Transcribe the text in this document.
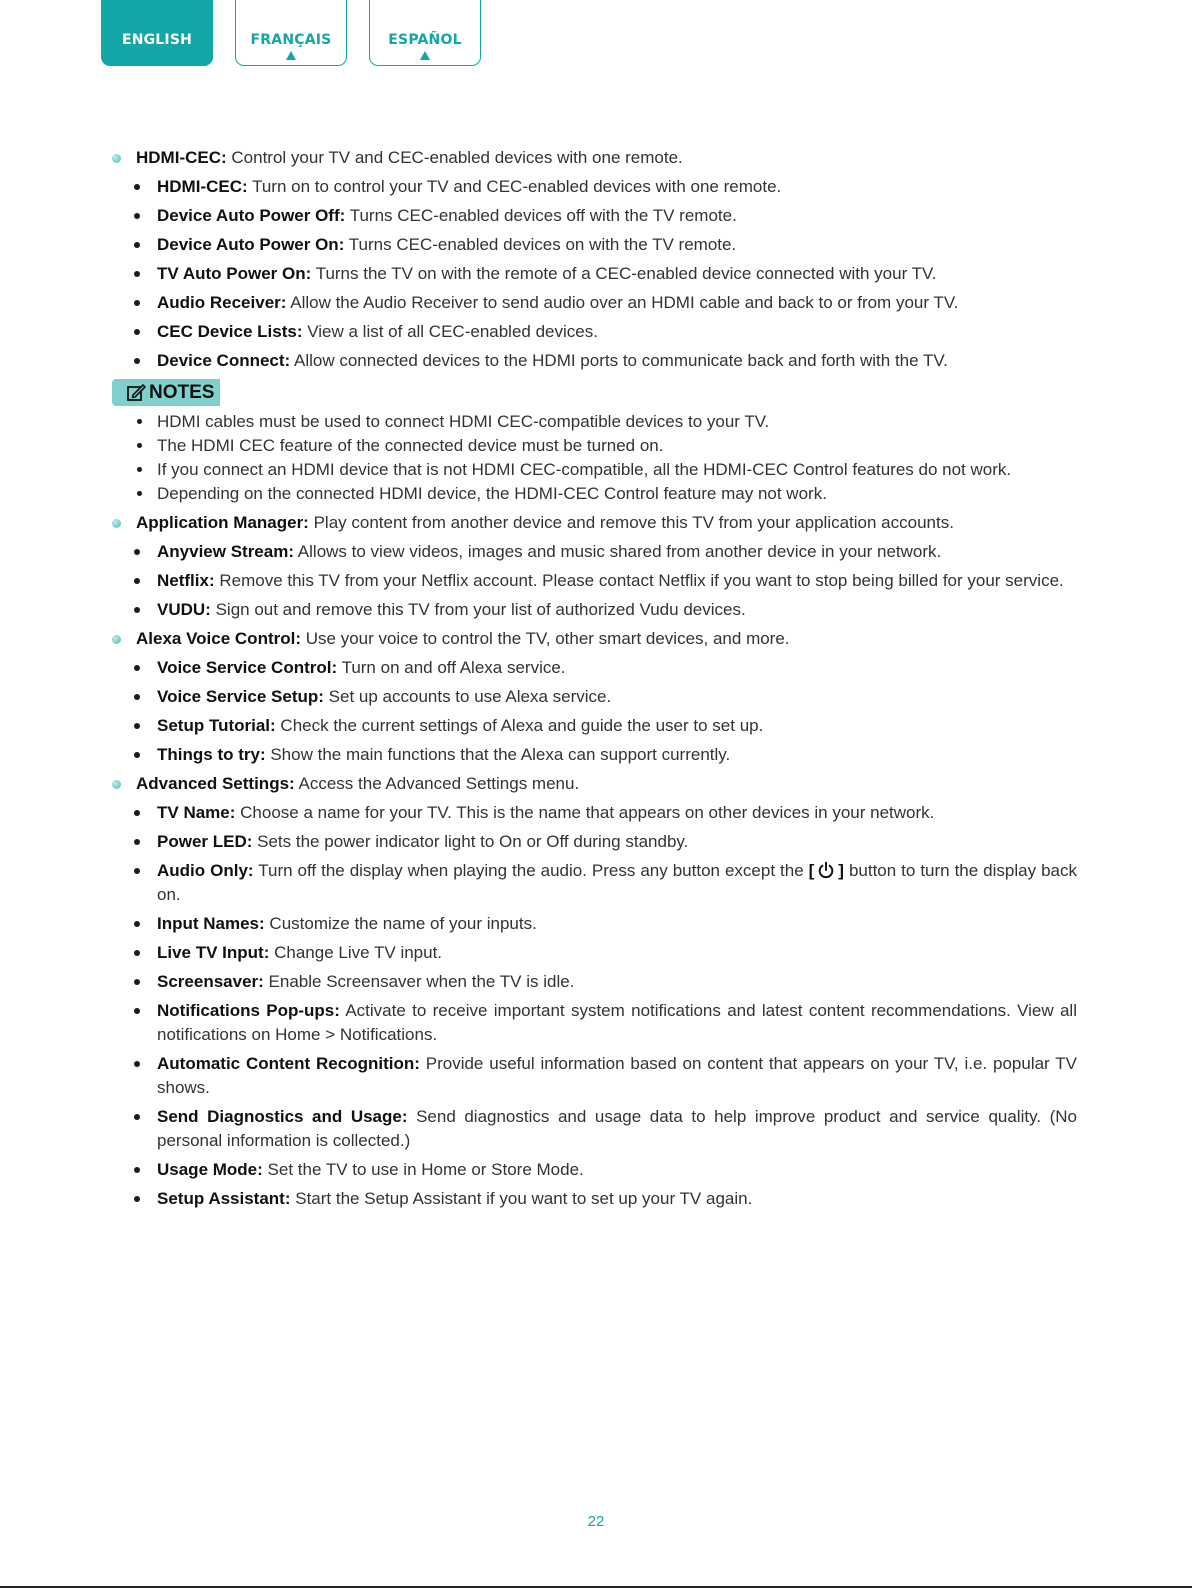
ENGLISH	FRANÇAIS	ESPAÑOL
HDMI-CEC: Control your TV and CEC-enabled devices with one remote.
HDMI-CEC: Turn on to control your TV and CEC-enabled devices with one remote.
Device Auto Power Off: Turns CEC-enabled devices off with the TV remote.
Device Auto Power On: Turns CEC-enabled devices on with the TV remote.
TV Auto Power On: Turns the TV on with the remote of a CEC-enabled device connected with your TV.
Audio Receiver: Allow the Audio Receiver to send audio over an HDMI cable and back to or from your TV.
CEC Device Lists: View a list of all CEC-enabled devices.
Device Connect: Allow connected devices to the HDMI ports to communicate back and forth with the TV.
NOTES
HDMI cables must be used to connect HDMI CEC-compatible devices to your TV.
The HDMI CEC feature of the connected device must be turned on.
If you connect an HDMI device that is not HDMI CEC-compatible, all the HDMI-CEC Control features do not work.
Depending on the connected HDMI device, the HDMI-CEC Control feature may not work.
Application Manager: Play content from another device and remove this TV from your application accounts.
Anyview Stream: Allows to view videos, images and music shared from another device in your network.
Netflix: Remove this TV from your Netflix account. Please contact Netflix if you want to stop being billed for your service.
VUDU: Sign out and remove this TV from your list of authorized Vudu devices.
Alexa Voice Control: Use your voice to control the TV, other smart devices, and more.
Voice Service Control: Turn on and off Alexa service.
Voice Service Setup: Set up accounts to use Alexa service.
Setup Tutorial: Check the current settings of Alexa and guide the user to set up.
Things to try: Show the main functions that the Alexa can support currently.
Advanced Settings: Access the Advanced Settings menu.
TV Name: Choose a name for your TV. This is the name that appears on other devices in your network.
Power LED: Sets the power indicator light to On or Off during standby.
Audio Only: Turn off the display when playing the audio. Press any button except the [ ] button to turn the display back on.
Input Names: Customize the name of your inputs.
Live TV Input: Change Live TV input.
Screensaver: Enable Screensaver when the TV is idle.
Notifications Pop-ups: Activate to receive important system notifications and latest content recommendations. View all notifications on Home > Notifications.
Automatic Content Recognition: Provide useful information based on content that appears on your TV, i.e. popular TV shows.
Send Diagnostics and Usage: Send diagnostics and usage data to help improve product and service quality. (No personal information is collected.)
Usage Mode: Set the TV to use in Home or Store Mode.
Setup Assistant: Start the Setup Assistant if you want to set up your TV again.
22
